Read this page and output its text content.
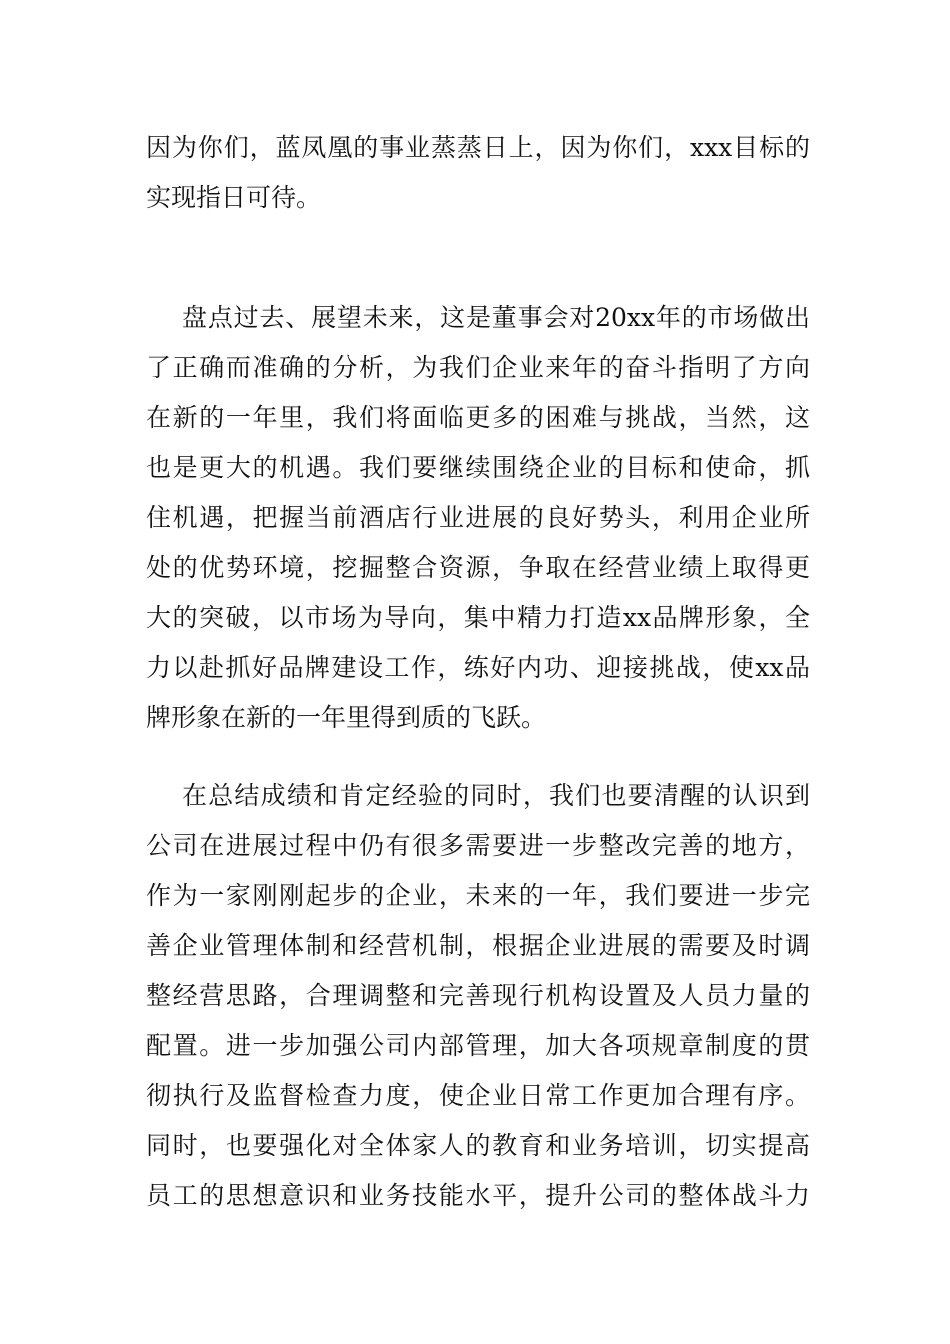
因为你们，蓝凤凰的事业蒸蒸日上，因为你们，xxx目标的
实现指日可待。
盘点过去、展望未来，这是董事会对20xx年的市场做出
了正确而准确的分析，为我们企业来年的奋斗指明了方向
在新的一年里，我们将面临更多的困难与挑战，当然，这
也是更大的机遇。我们要继续围绕企业的目标和使命，抓
住机遇，把握当前酒店行业进展的良好势头，利用企业所
处的优势环境，挖掘整合资源，争取在经营业绩上取得更
大的突破，以市场为导向，集中精力打造xx品牌形象，全
力以赴抓好品牌建设工作，练好内功、迎接挑战，使xx品
牌形象在新的一年里得到质的飞跃。
在总结成绩和肯定经验的同时，我们也要清醒的认识到
公司在进展过程中仍有很多需要进一步整改完善的地方，
作为一家刚刚起步的企业，未来的一年，我们要进一步完
善企业管理体制和经营机制，根据企业进展的需要及时调
整经营思路，合理调整和完善现行机构设置及人员力量的
配置。进一步加强公司内部管理，加大各项规章制度的贯
彻执行及监督检查力度，使企业日常工作更加合理有序。
同时，也要强化对全体家人的教育和业务培训，切实提高
员工的思想意识和业务技能水平，提升公司的整体战斗力
